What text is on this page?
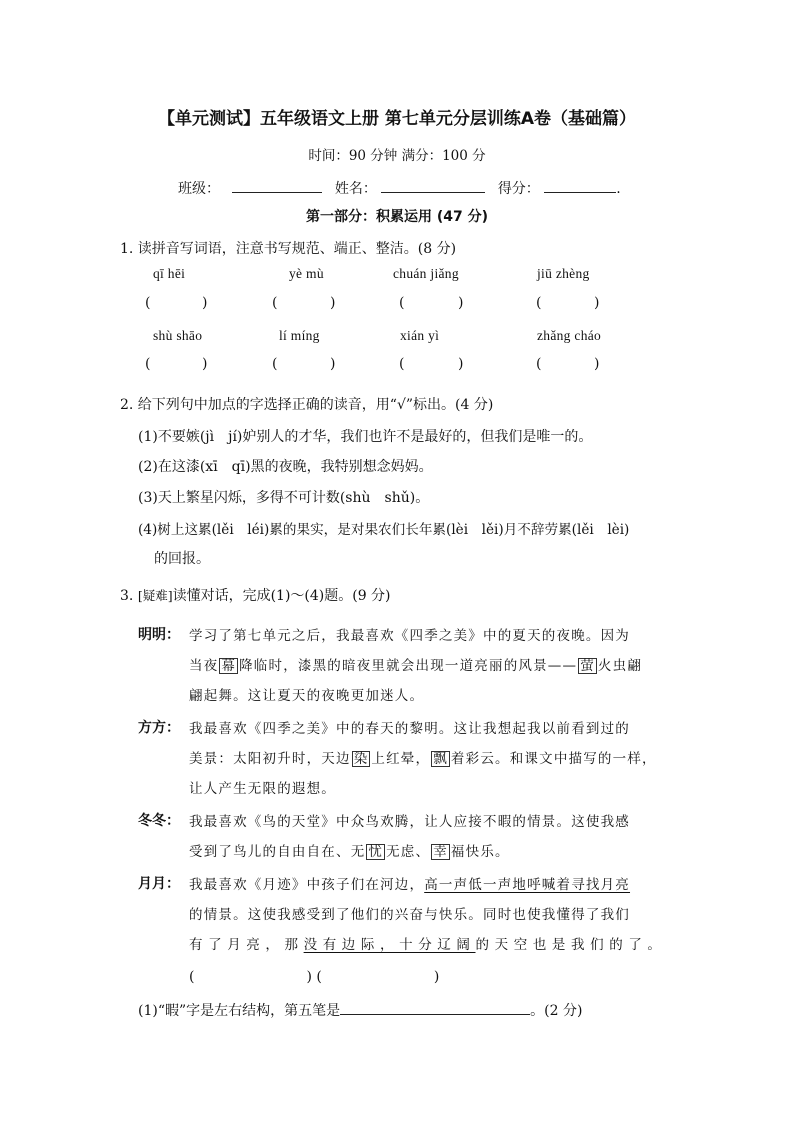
【单元测试】五年级语文上册 第七单元分层训练A卷（基础篇）
时间：90 分钟 满分：100 分
班级：	姓名：	得分：	.
第一部分：积累运用 (47 分)
1. 读拼音写词语，注意书写规范、端正、整洁。(8 分)
qī hēi	yè mù	chuán jiǎng	jiū zhèng
(	)	(	)	(	)	(	)
shù shāo	lí míng	xián yì	zhǎng cháo
(	)	(	)	(	)	(	)
2. 给下列句中加点的字选择正确的读音，用“√”标出。(4 分)
(1)不要嫉(jì　jí)妒别人的才华，我们也许不是最好的，但我们是唯一的。
(2)在这漆(xī　qī)黑的夜晚，我特别想念妈妈。
(3)天上繁星闪烁，多得不可计数(shù　shǔ)。
(4)树上这累(lěi　léi)累的果实，是对果农们长年累(lèi　lěi)月不辞劳累(lěi　lèi)
的回报。
3. [疑难]读懂对话，完成(1)～(4)题。(9 分)
明明： 学习了第七单元之后，我最喜欢《四季之美》中的夏天的夜晚。因为
当夜 幕 降临时，漆黑的暗夜里就会出现一道亮丽的风景—— 萤 火虫翩
翩起舞。这让夏天的夜晚更加迷人。
方方： 我最喜欢《四季之美》中的春天的黎明。这让我想起我以前看到过的
美景：太阳初升时，天边 染 上红晕， 飘 着彩云。和课文中描写的一样，
让人产生无限的遐想。
冬冬： 我最喜欢《鸟的天堂》中众鸟欢腾，让人应接不暇的情景。这使我感
受到了鸟儿的自由自在、无 忧 无虑、 幸 福快乐。
月月： 我最喜欢《月迹》中孩子们在河边，高一声低一声地呼喊着寻找月亮
的情景。这使我感受到了他们的兴奋与快乐。同时也使我懂得了我们
有了月亮，那没有边际，十分辽阔的天空也是我们的了。
(　　　　　　　　) (　　　　　　　　)
(1)“暇”字是左右结构，第五笔是	。(2 分)
